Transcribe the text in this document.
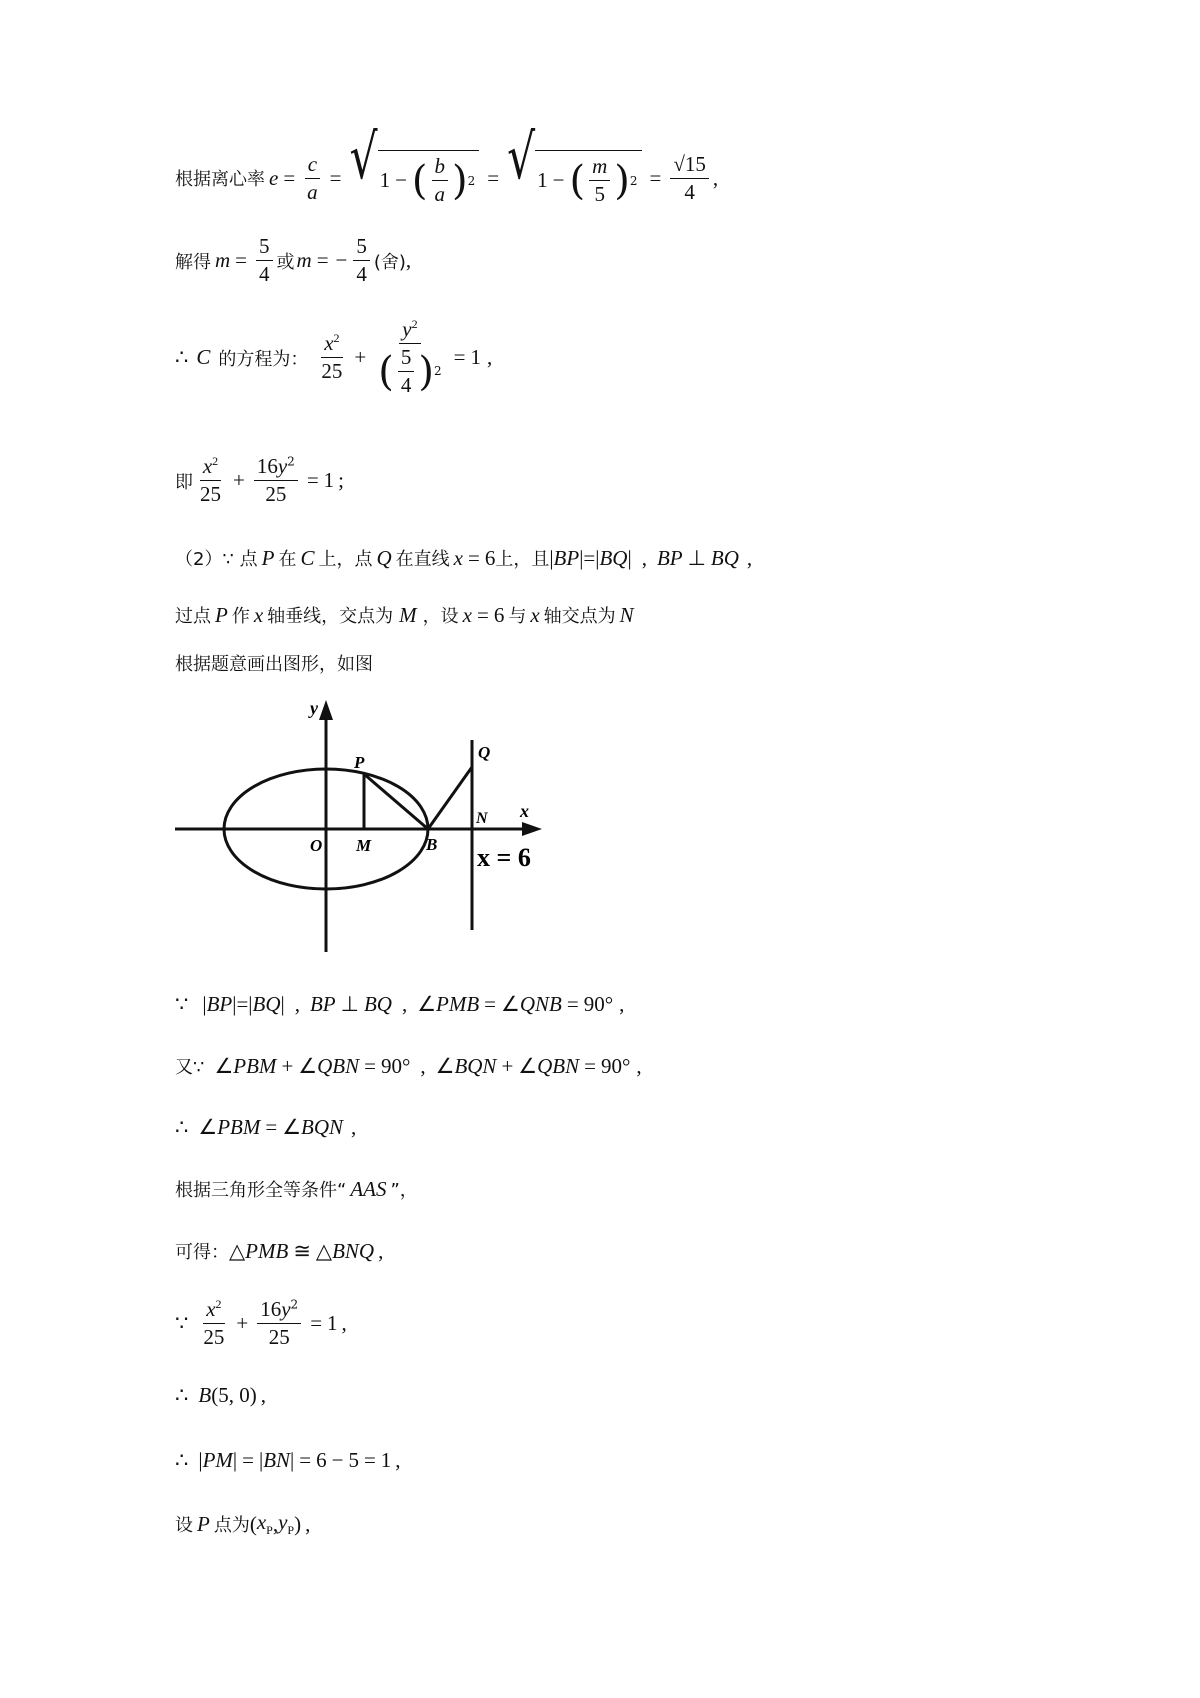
根据离心率 $e = \frac{c}{a}$ = √ 1 − ( $\frac{b}{a}$ ) 2 = √ 1 − ( $\frac{m}{5}$ ) $2 = \frac{√15}{4}$ ,
解得 $m = \frac{5}{4}$ 或 m = − $\frac{5}{4}$ (舍) ,
∴ C 的方程为： $\frac{x^2}{25} + \frac{y^2}{( \frac{5}{4} ) 2} = 1$ ,
即 $\frac{x^2}{25} + \frac{16y^2}{25} = 1$ ;
（2）∵ 点 P 在 C 上，点 Q 在直线 x = 6 上，且 | BP |=| BQ | , BP ⊥ BQ ,
过点 P 作 x 轴垂线，交点为 M ，设 x = 6 与 x 轴交点为 N
根据题意画出图形，如图
y
x
P
Q
N
O M	B x = 6
∵ | BP |=| BQ | , BP ⊥ BQ , ∠ PMB = ∠ QNB = 90° ,
又∵ ∠ PBM + ∠ QBN = 90° , ∠ BQN + ∠ QBN = 90° ,
∴ ∠ PBM = ∠ BQN ,
根据三角形全等条件“ AAS ”，
可得： △ PMB ≅ △ BNQ ,
∵ $\frac{x^2}{25} + \frac{16y^2}{25} = 1$ ,
∴ B (5, 0) ,
∴ | PM | = | BN | = 6 − 5 = 1 ,
设 P 点为 ( $x_P$ , $y_P$ ) ,
